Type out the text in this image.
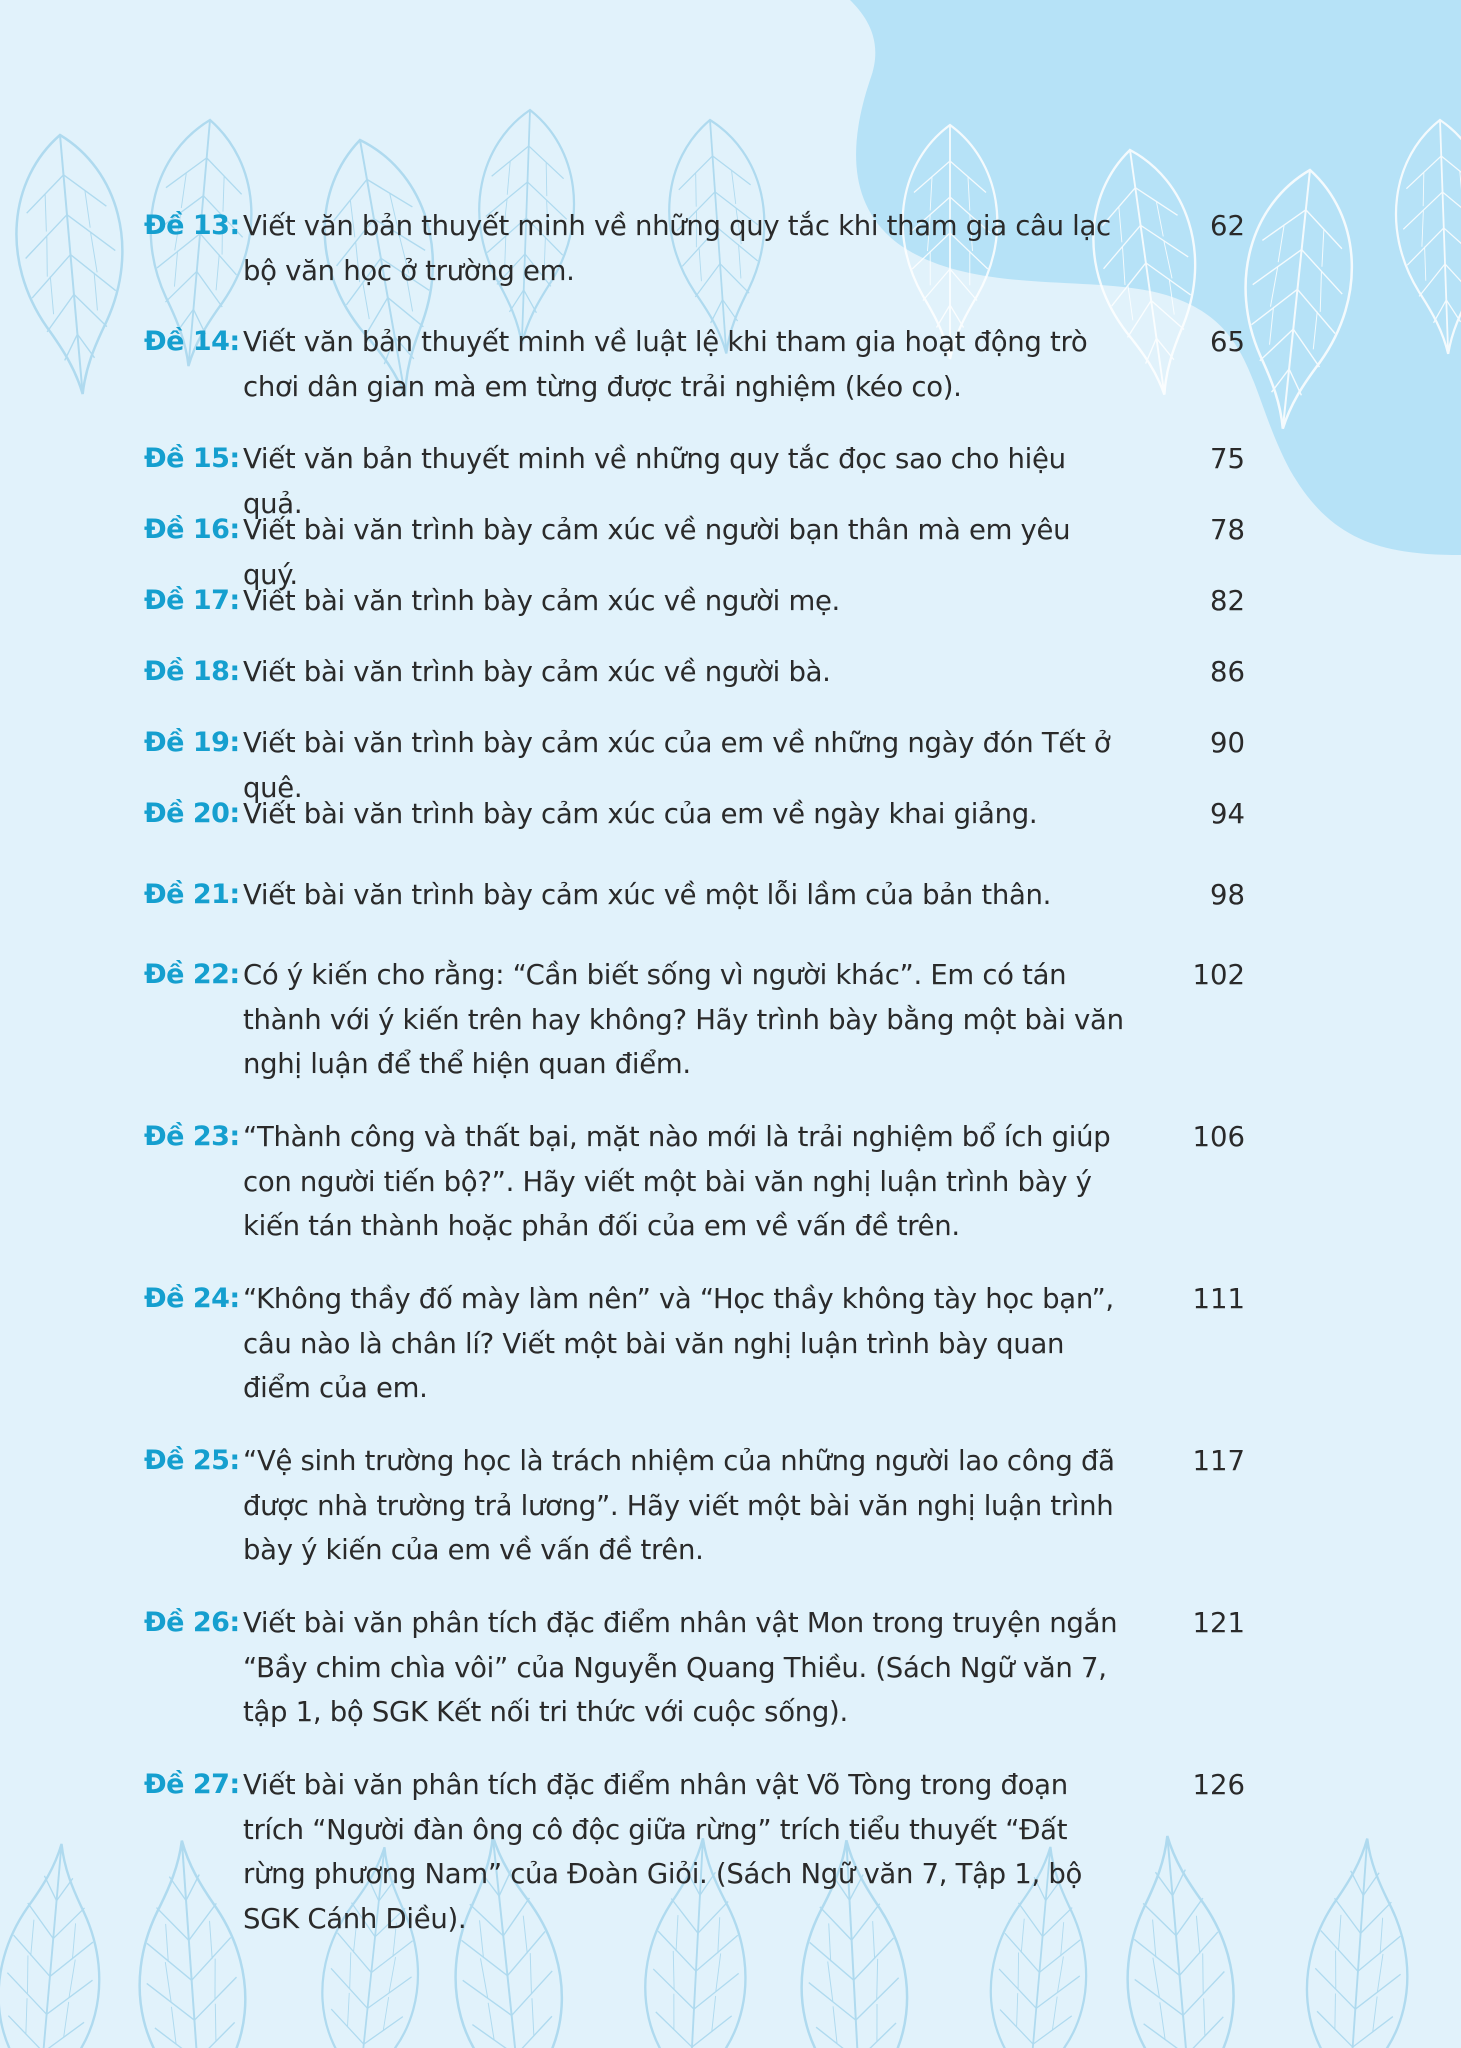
Đề 13: Viết văn bản thuyết minh về những quy tắc khi tham gia câu lạc bộ văn học ở trường em.
62
Đề 14: Viết văn bản thuyết minh về luật lệ khi tham gia hoạt động trò chơi dân gian mà em từng được trải nghiệm (kéo co).
65
Đề 15: Viết văn bản thuyết minh về những quy tắc đọc sao cho hiệu quả.
75
Đề 16: Viết bài văn trình bày cảm xúc về người bạn thân mà em yêu quý.
78
Đề 17: Viết bài văn trình bày cảm xúc về người mẹ.	82
Đề 18: Viết bài văn trình bày cảm xúc về người bà.	86
Đề 19: Viết bài văn trình bày cảm xúc của em về những ngày đón Tết ở quê.
90
Đề 20: Viết bài văn trình bày cảm xúc của em về ngày khai giảng.	94
Đề 21: Viết bài văn trình bày cảm xúc về một lỗi lầm của bản thân.	98
Đề 22: Có ý kiến cho rằng: “Cần biết sống vì người khác”. Em có tán thành với ý kiến trên hay không? Hãy trình bày bằng một bài văn nghị luận để thể hiện quan điểm.
102
Đề 23: “Thành công và thất bại, mặt nào mới là trải nghiệm bổ ích giúp con người tiến bộ?”. Hãy viết một bài văn nghị luận trình bày ý kiến tán thành hoặc phản đối của em về vấn đề trên.
106
Đề 24: “Không thầy đố mày làm nên” và “Học thầy không tày học bạn”, câu nào là chân lí? Viết một bài văn nghị luận trình bày quan điểm của em.
111
Đề 25: “Vệ sinh trường học là trách nhiệm của những người lao công đã được nhà trường trả lương”. Hãy viết một bài văn nghị luận trình bày ý kiến của em về vấn đề trên.
117
Đề 26: Viết bài văn phân tích đặc điểm nhân vật Mon trong truyện ngắn “Bầy chim chìa vôi” của Nguyễn Quang Thiều. (Sách Ngữ văn 7, tập 1, bộ SGK Kết nối tri thức với cuộc sống).
121
Đề 27: Viết bài văn phân tích đặc điểm nhân vật Võ Tòng trong đoạn trích “Người đàn ông cô độc giữa rừng” trích tiểu thuyết “Đất rừng phương Nam” của Đoàn Giỏi. (Sách Ngữ văn 7, Tập 1, bộ SGK Cánh Diều).
126
